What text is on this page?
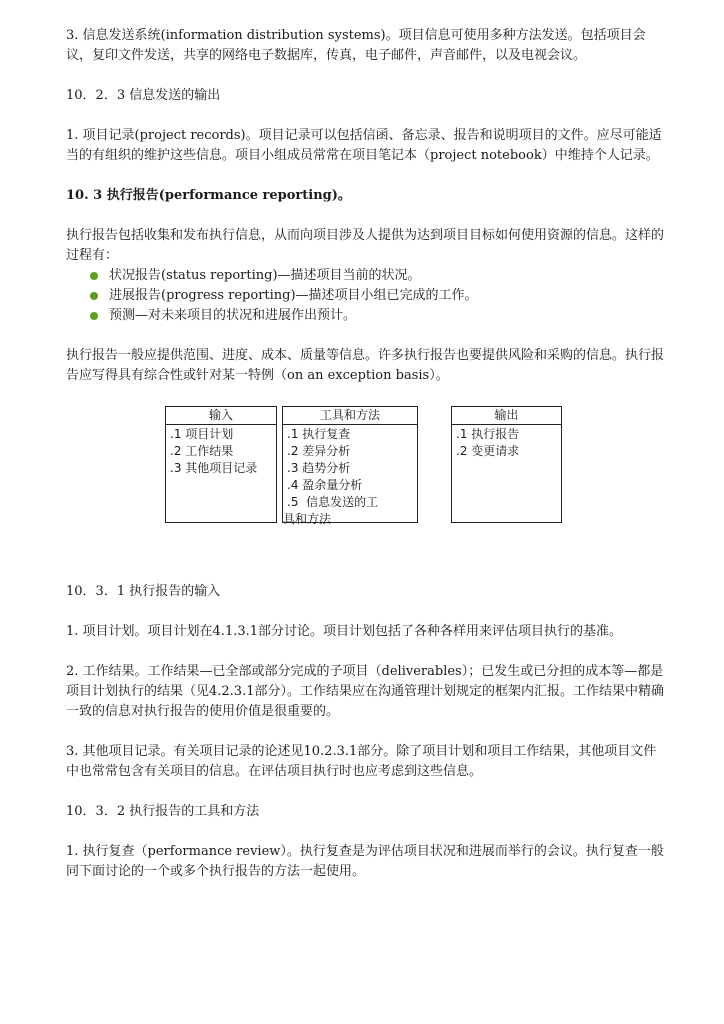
3. 信息发送系统(information distribution systems)。项目信息可使用多种方法发送。包括项目会议，复印文件发送，共享的网络电子数据库，传真，电子邮件，声音邮件，以及电视会议。

10．2．3 信息发送的输出

1. 项目记录(project records)。项目记录可以包括信函、备忘录、报告和说明项目的文件。应尽可能适当的有组织的维护这些信息。项目小组成员常常在项目笔记本（project notebook）中维持个人记录。

10. 3 执行报告(performance reporting)。

执行报告包括收集和发布执行信息，从而向项目涉及人提供为达到项目目标如何使用资源的信息。这样的过程有：

状况报告(status reporting)—描述项目当前的状况。
进展报告(progress reporting)—描述项目小组已完成的工作。
预测—对未来项目的状况和进展作出预计。

执行报告一般应提供范围、进度、成本、质量等信息。许多执行报告也要提供风险和采购的信息。执行报告应写得具有综合性或针对某一特例（on an exception basis）。

输入
.1 项目计划
.2 工作结果
.3 其他项目记录
工具和方法
.1 执行复查
.2 差异分析
.3 趋势分析
.4 盈余量分析
.5  信息发送的工
具和方法
输出
.1 执行报告
.2 变更请求

10．3．1 执行报告的输入

1. 项目计划。项目计划在4.1.3.1部分讨论。项目计划包括了各种各样用来评估项目执行的基准。

2. 工作结果。工作结果—已全部或部分完成的子项目（deliverables）；已发生或已分担的成本等—都是项目计划执行的结果（见4.2.3.1部分）。工作结果应在沟通管理计划规定的框架内汇报。工作结果中精确一致的信息对执行报告的使用价值是很重要的。

3. 其他项目记录。有关项目记录的论述见10.2.3.1部分。除了项目计划和项目工作结果，其他项目文件中也常常包含有关项目的信息。在评估项目执行时也应考虑到这些信息。

10．3．2 执行报告的工具和方法

1. 执行复查（performance review）。执行复查是为评估项目状况和进展而举行的会议。执行复查一般同下面讨论的一个或多个执行报告的方法一起使用。
